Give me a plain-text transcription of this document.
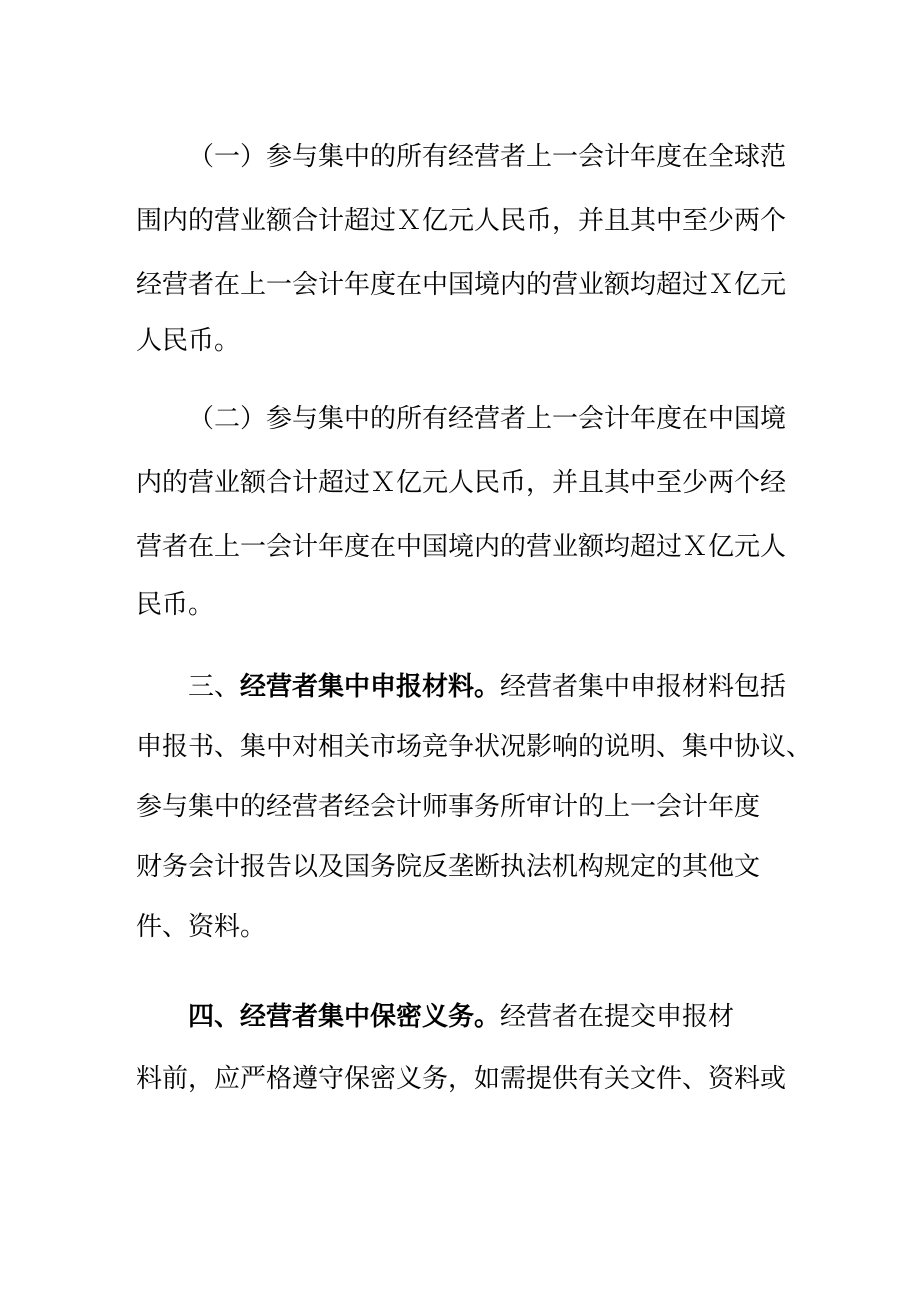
（一）参与集中的所有经营者上一会计年度在全球范
围内的营业额合计超过Ｘ亿元人民币，并且其中至少两个
经营者在上一会计年度在中国境内的营业额均超过Ｘ亿元
人民币。
（二）参与集中的所有经营者上一会计年度在中国境
内的营业额合计超过Ｘ亿元人民币，并且其中至少两个经
营者在上一会计年度在中国境内的营业额均超过Ｘ亿元人
民币。
三、经营者集中申报材料。经营者集中申报材料包括
申报书、集中对相关市场竞争状况影响的说明、集中协议、
参与集中的经营者经会计师事务所审计的上一会计年度
财务会计报告以及国务院反垄断执法机构规定的其他文
件、资料。
四、经营者集中保密义务。经营者在提交申报材
料前，应严格遵守保密义务，如需提供有关文件、资料或
